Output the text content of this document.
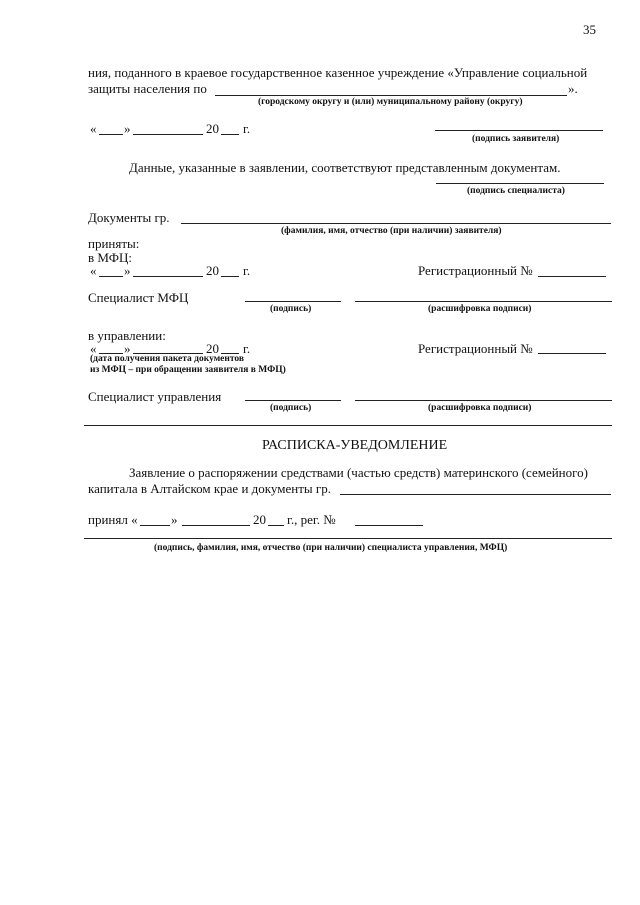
35
ния, поданного в краевое государственное казенное учреждение «Управление социальной
защиты населения по	».
(городскому округу и (или) муниципальному району (округу)
« »	20 г.
(подпись заявителя)
Данные, указанные в заявлении, соответствуют представленным документам.
(подпись специалиста)
Документы гр.
(фамилия, имя, отчество (при наличии) заявителя)
приняты:
в МФЦ:
« »	20 г.	Регистрационный №
Специалист МФЦ
(подпись)	(расшифровка подписи)
в управлении:
« »	20 г.
(дата получения пакета документов
из МФЦ – при обращении заявителя в МФЦ)
Регистрационный №
Специалист управления
(подпись)	(расшифровка подписи)
РАСПИСКА-УВЕДОМЛЕНИЕ
Заявление о распоряжении средствами (частью средств) материнского (семейного)
капитала в Алтайском крае и документы гр.
принял «	»	20 г., рег. №
(подпись, фамилия, имя, отчество (при наличии) специалиста управления, МФЦ)
